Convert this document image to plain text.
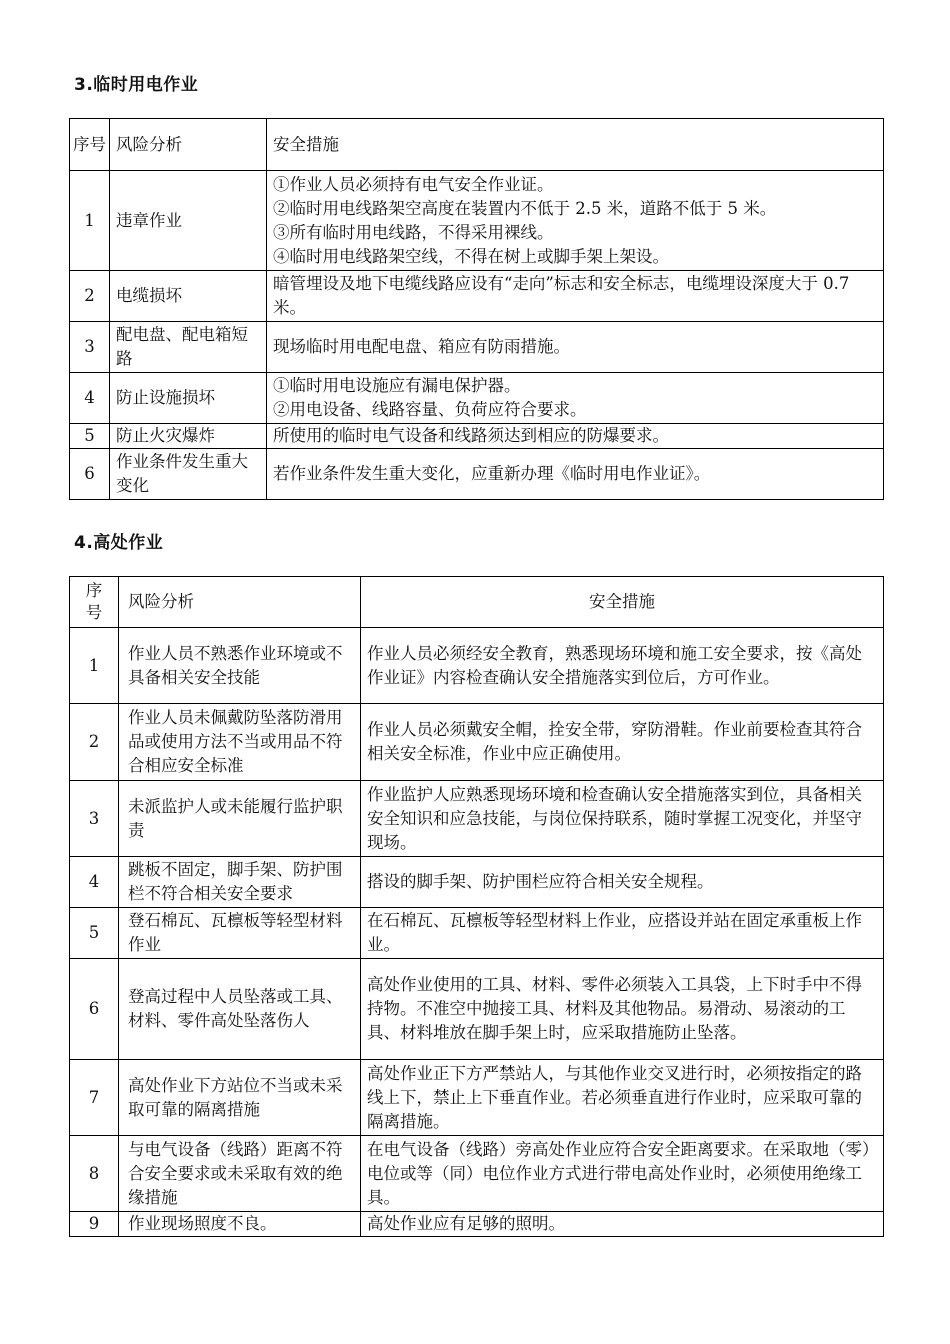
3.临时用电作业
序号	风险分析	安全措施
1	违章作业	①作业人员必须持有电气安全作业证。
②临时用电线路架空高度在装置内不低于 2.5 米，道路不低于 5 米。
③所有临时用电线路，不得采用裸线。
④临时用电线路架空线，不得在树上或脚手架上架设。

2	电缆损坏	暗管埋设及地下电缆线路应设有“走向”标志和安全标志，电缆埋设深度大于 0.7 米。

3	配电盘、配电箱短路	现场临时用电配电盘、箱应有防雨措施。

4	防止设施损坏	①临时用电设施应有漏电保护器。
②用电设备、线路容量、负荷应符合要求。

5	防止火灾爆炸	所使用的临时电气设备和线路须达到相应的防爆要求。

6	作业条件发生重大变化	若作业条件发生重大变化，应重新办理《临时用电作业证》。
4.高处作业
序号	风险分析	安全措施
1	作业人员不熟悉作业环境或不具备相关安全技能	作业人员必须经安全教育，熟悉现场环境和施工安全要求，按《高处作业证》内容检查确认安全措施落实到位后，方可作业。
2	作业人员未佩戴防坠落防滑用品或使用方法不当或用品不符合相应安全标准	作业人员必须戴安全帽，拴安全带，穿防滑鞋。作业前要检查其符合相关安全标准，作业中应正确使用。
3	未派监护人或未能履行监护职责	作业监护人应熟悉现场环境和检查确认安全措施落实到位，具备相关安全知识和应急技能，与岗位保持联系，随时掌握工况变化，并坚守现场。
4	跳板不固定，脚手架、防护围栏不符合相关安全要求	搭设的脚手架、防护围栏应符合相关安全规程。
5	登石棉瓦、瓦檩板等轻型材料作业	在石棉瓦、瓦檩板等轻型材料上作业，应搭设并站在固定承重板上作业。
6	登高过程中人员坠落或工具、材料、零件高处坠落伤人	高处作业使用的工具、材料、零件必须装入工具袋，上下时手中不得持物。不准空中抛接工具、材料及其他物品。易滑动、易滚动的工具、材料堆放在脚手架上时，应采取措施防止坠落。
7	高处作业下方站位不当或未采取可靠的隔离措施	高处作业正下方严禁站人，与其他作业交叉进行时，必须按指定的路线上下，禁止上下垂直作业。若必须垂直进行作业时，应采取可靠的隔离措施。
8	与电气设备（线路）距离不符合安全要求或未采取有效的绝缘措施	在电气设备（线路）旁高处作业应符合安全距离要求。在采取地（零）电位或等（同）电位作业方式进行带电高处作业时，必须使用绝缘工具。
9	作业现场照度不良。	高处作业应有足够的照明。
